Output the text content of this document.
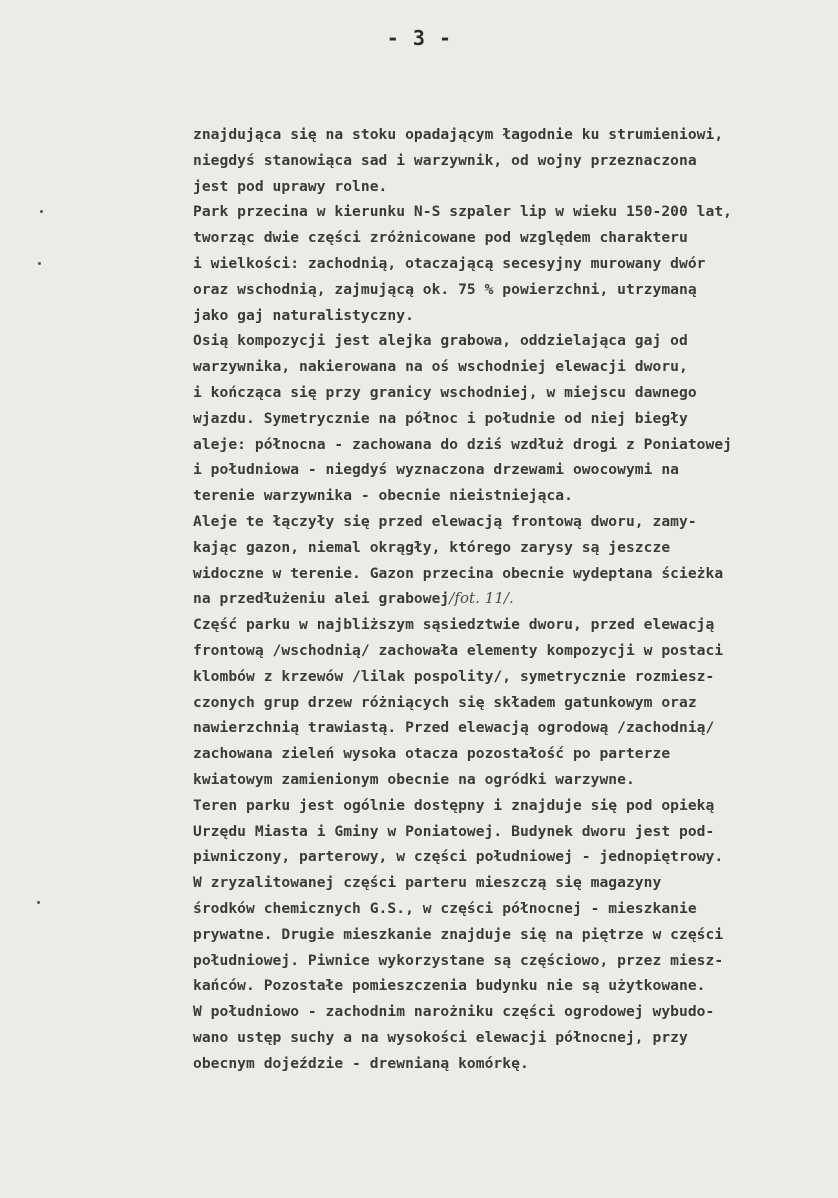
- 3 -
znajdująca się na stoku opadającym łagodnie ku strumieniowi,
niegdyś stanowiąca sad i warzywnik, od wojny przeznaczona
jest pod uprawy rolne.
Park przecina w kierunku N-S szpaler lip w wieku 150-200 lat,
tworząc dwie części zróżnicowane pod względem charakteru
i wielkości: zachodnią, otaczającą secesyjny murowany dwór
oraz wschodnią, zajmującą ok. 75 % powierzchni, utrzymaną
jako gaj naturalistyczny.
Osią kompozycji jest alejka grabowa, oddzielająca gaj od
warzywnika, nakierowana na oś wschodniej elewacji dworu,
i kończąca się przy granicy wschodniej, w miejscu dawnego
wjazdu. Symetrycznie na północ i południe od niej biegły
aleje: północna - zachowana do dziś wzdłuż drogi z Poniatowej
i południowa - niegdyś wyznaczona drzewami owocowymi na
terenie warzywnika - obecnie nieistniejąca.
Aleje te łączyły się przed elewacją frontową dworu, zamy-
kając gazon, niemal okrągły, którego zarysy są jeszcze
widoczne w terenie. Gazon przecina obecnie wydeptana ścieżka
na przedłużeniu alei grabowej/fot. 11/.
Część parku w najbliższym sąsiedztwie dworu, przed elewacją
frontową /wschodnią/ zachowała elementy kompozycji w postaci
klombów z krzewów /lilak pospolity/, symetrycznie rozmiesz-
czonych grup drzew różniących się składem gatunkowym oraz
nawierzchnią trawiastą. Przed elewacją ogrodową /zachodnią/
zachowana zieleń wysoka otacza pozostałość po parterze
kwiatowym zamienionym obecnie na ogródki warzywne.
Teren parku jest ogólnie dostępny i znajduje się pod opieką
Urzędu Miasta i Gminy w Poniatowej. Budynek dworu jest pod-
piwniczony, parterowy, w części południowej - jednopiętrowy.
W zryzalitowanej części parteru mieszczą się magazyny
środków chemicznych G.S., w części północnej - mieszkanie
prywatne. Drugie mieszkanie znajduje się na piętrze w części
południowej. Piwnice wykorzystane są częściowo, przez miesz-
kańców. Pozostałe pomieszczenia budynku nie są użytkowane.
W południowo - zachodnim narożniku części ogrodowej wybudo-
wano ustęp suchy a na wysokości elewacji północnej, przy
obecnym dojeździe - drewnianą komórkę.
